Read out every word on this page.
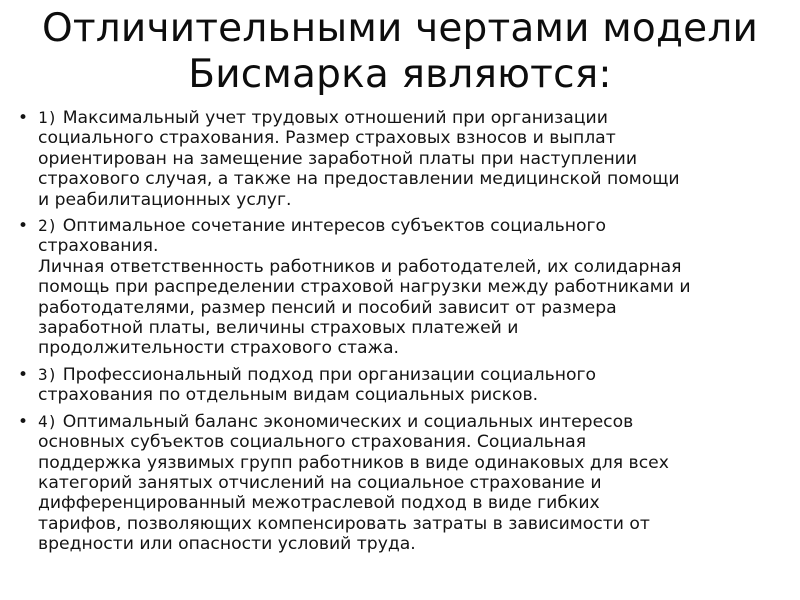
Отличительными чертами модели
Бисмарка являются:
• 1) Максимальный учет трудовых отношений при организации
социального страхования. Размер страховых взносов и выплат
ориентирован на замещение заработной платы при наступлении
страхового случая, а также на предоставлении медицинской помощи
и реабилитационных услуг.
• 2) Оптимальное сочетание интересов субъектов социального
страхования.
Личная ответственность работников и работодателей, их солидарная
помощь при распределении страховой нагрузки между работниками и
работодателями, размер пенсий и пособий зависит от размера
заработной платы, величины страховых платежей и
продолжительности страхового стажа.
• 3) Профессиональный подход при организации социального
страхования по отдельным видам социальных рисков.
• 4) Оптимальный баланс экономических и социальных интересов
основных субъектов социального страхования. Социальная
поддержка уязвимых групп работников в виде одинаковых для всех
категорий занятых отчислений на социальное страхование и
дифференцированный межотраслевой подход в виде гибких
тарифов, позволяющих компенсировать затраты в зависимости от
вредности или опасности условий труда.
